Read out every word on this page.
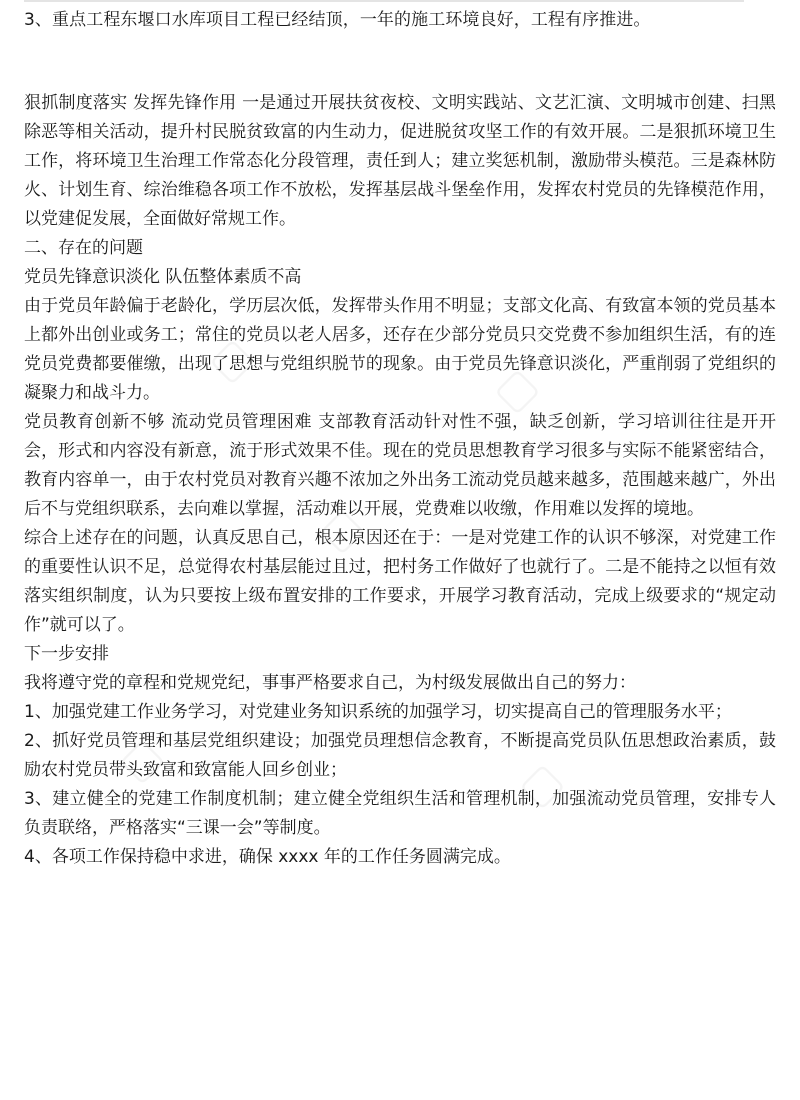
3、重点工程东堰口水库项目工程已经结顶，一年的施工环境良好，工程有序推进。

狠抓制度落实 发挥先锋作用 一是通过开展扶贫夜校、文明实践站、文艺汇演、文明城市创建、扫黑除恶等相关活动，提升村民脱贫致富的内生动力，促进脱贫攻坚工作的有效开展。二是狠抓环境卫生工作，将环境卫生治理工作常态化分段管理，责任到人；建立奖惩机制，激励带头模范。三是森林防火、计划生育、综治维稳各项工作不放松，发挥基层战斗堡垒作用，发挥农村党员的先锋模范作用，以党建促发展，全面做好常规工作。

二、存在的问题

党员先锋意识淡化 队伍整体素质不高

由于党员年龄偏于老龄化，学历层次低，发挥带头作用不明显；支部文化高、有致富本领的党员基本上都外出创业或务工；常住的党员以老人居多，还存在少部分党员只交党费不参加组织生活，有的连党员党费都要催缴，出现了思想与党组织脱节的现象。由于党员先锋意识淡化，严重削弱了党组织的凝聚力和战斗力。

党员教育创新不够 流动党员管理困难 支部教育活动针对性不强，缺乏创新，学习培训往往是开开会，形式和内容没有新意，流于形式效果不佳。现在的党员思想教育学习很多与实际不能紧密结合，教育内容单一，由于农村党员对教育兴趣不浓加之外出务工流动党员越来越多，范围越来越广，外出后不与党组织联系，去向难以掌握，活动难以开展，党费难以收缴，作用难以发挥的境地。

综合上述存在的问题，认真反思自己，根本原因还在于：一是对党建工作的认识不够深，对党建工作的重要性认识不足，总觉得农村基层能过且过，把村务工作做好了也就行了。二是不能持之以恒有效落实组织制度，认为只要按上级布置安排的工作要求，开展学习教育活动，完成上级要求的“规定动作”就可以了。

下一步安排

我将遵守党的章程和党规党纪，事事严格要求自己，为村级发展做出自己的努力：

1、加强党建工作业务学习，对党建业务知识系统的加强学习，切实提高自己的管理服务水平；

2、抓好党员管理和基层党组织建设；加强党员理想信念教育，不断提高党员队伍思想政治素质，鼓励农村党员带头致富和致富能人回乡创业；

3、建立健全的党建工作制度机制；建立健全党组织生活和管理机制，加强流动党员管理，安排专人负责联络，严格落实“三课一会”等制度。

4、各项工作保持稳中求进，确保 xxxx 年的工作任务圆满完成。
